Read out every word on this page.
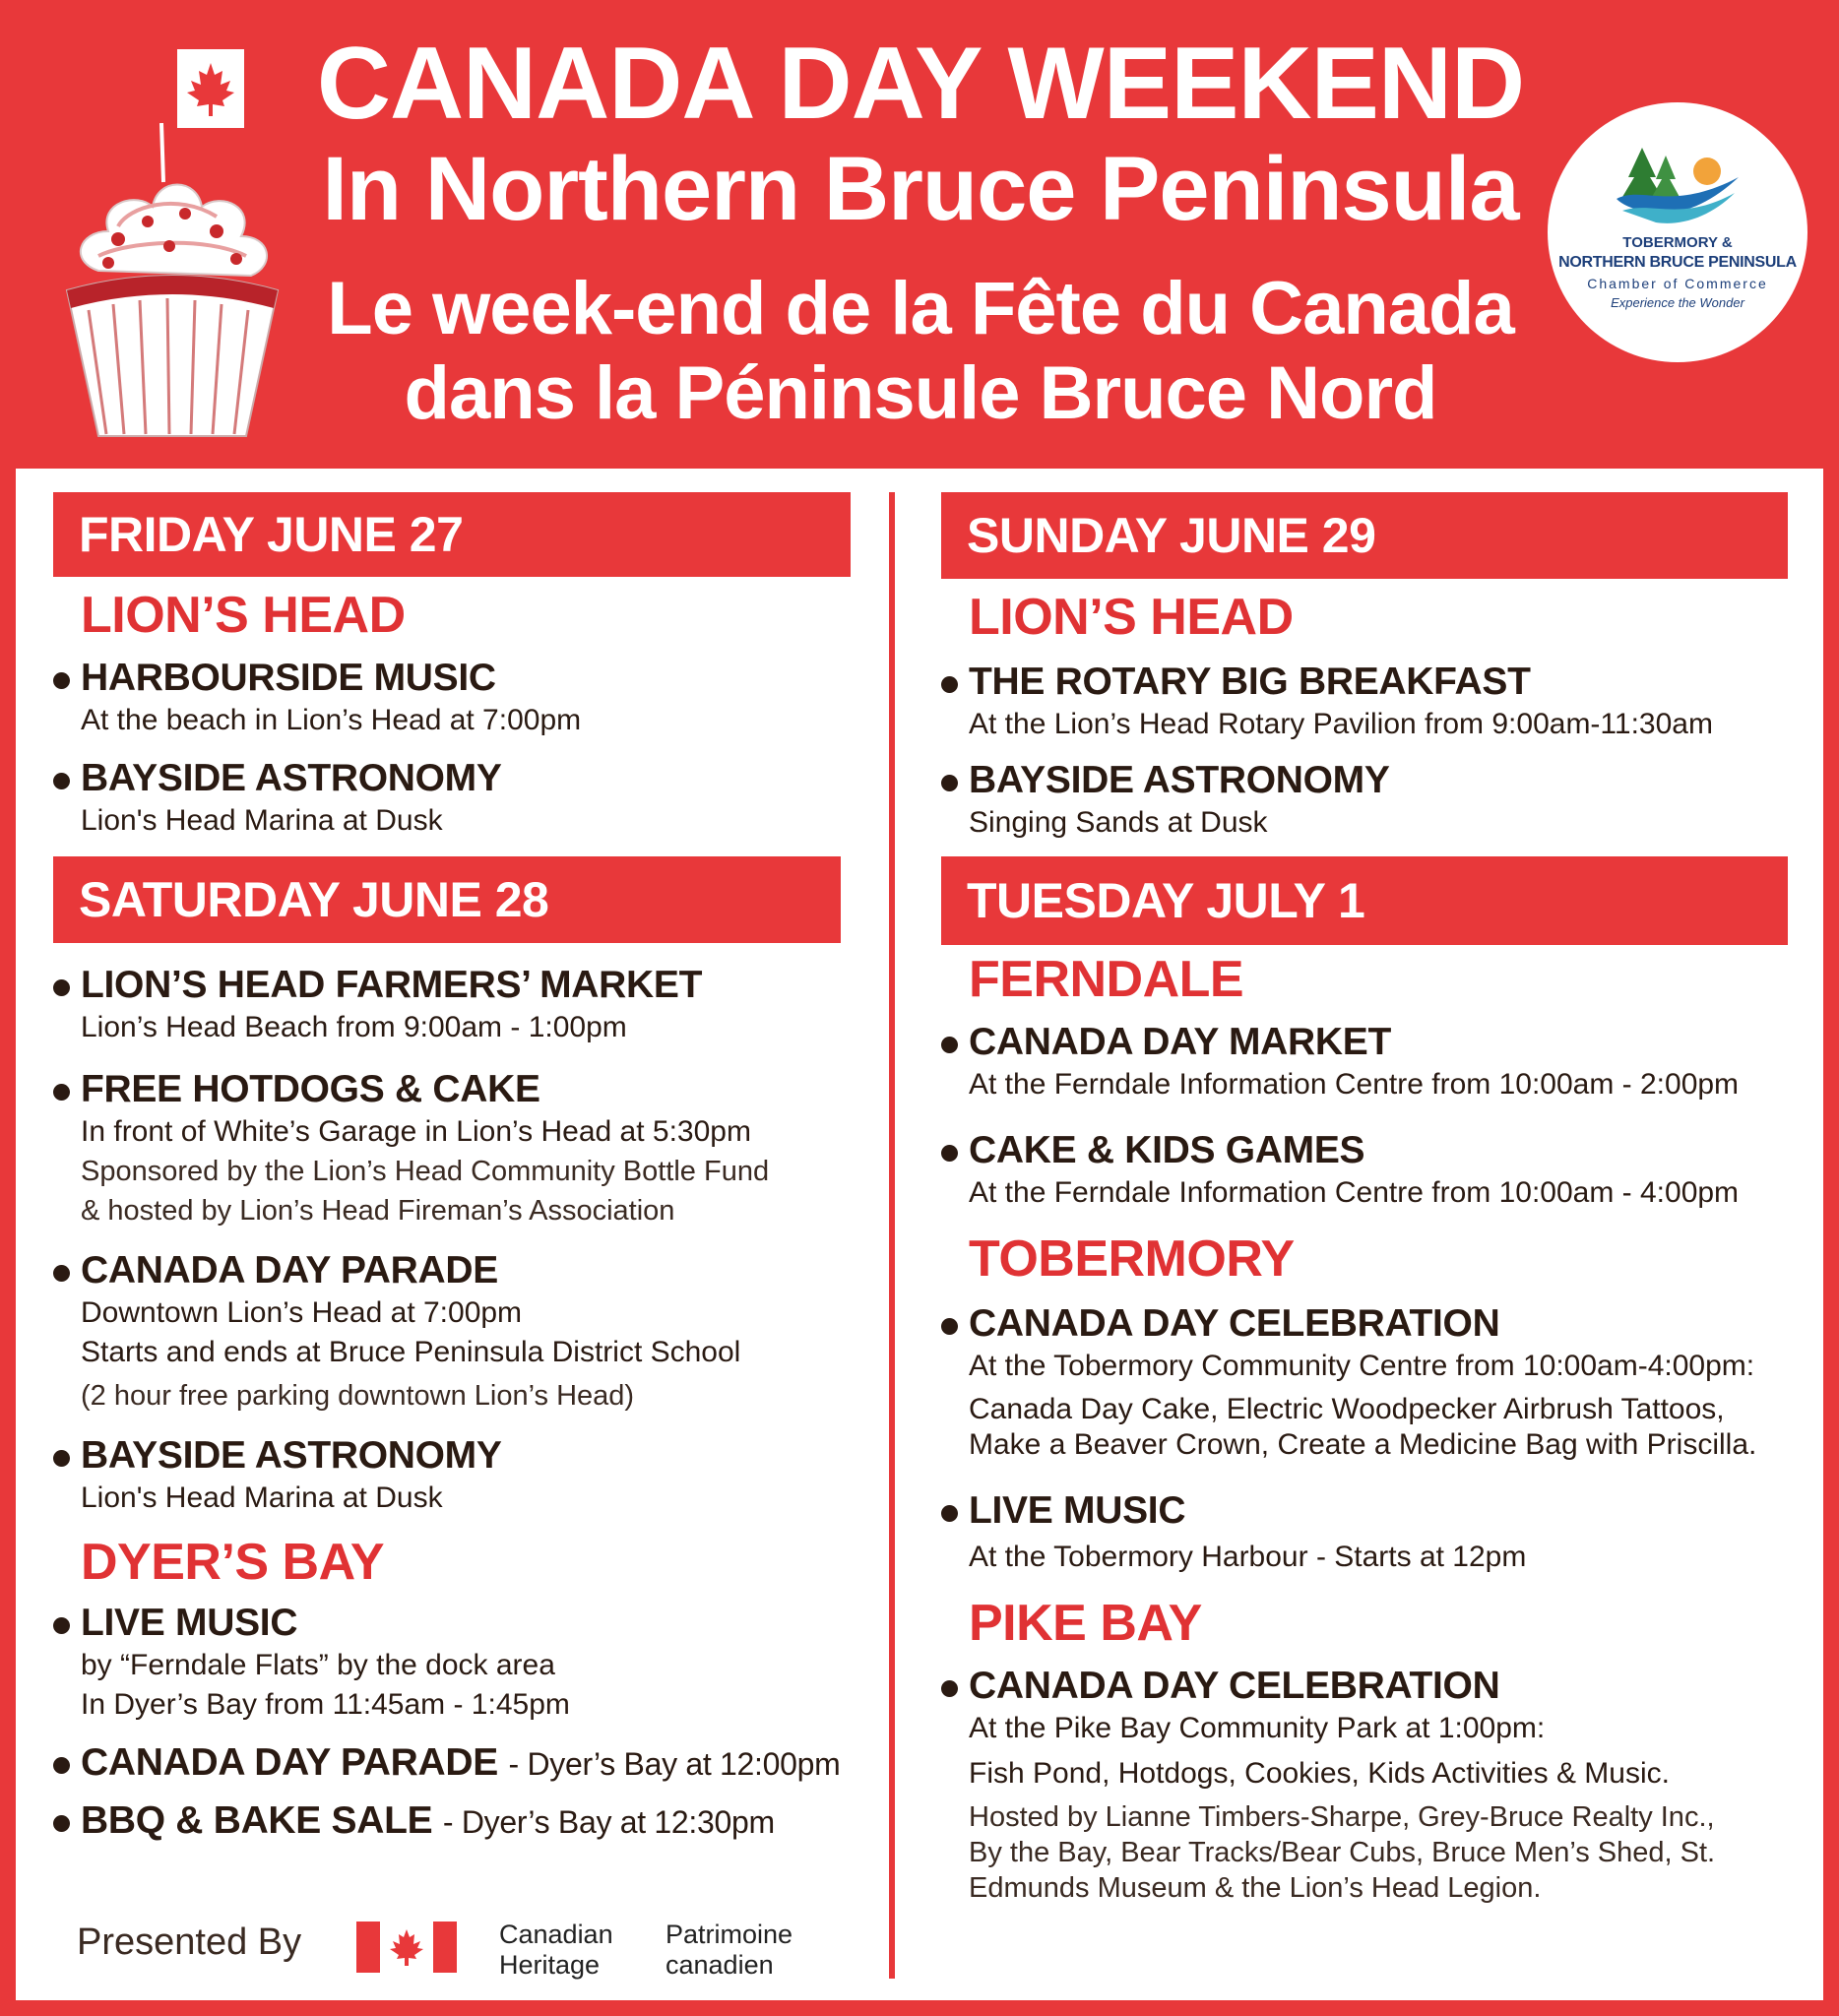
CANADA DAY WEEKEND
In Northern Bruce Peninsula
Le week-end de la Fête du Canada
dans la Péninsule Bruce Nord
TOBERMORY &
NORTHERN BRUCE PENINSULA
Chamber of Commerce
Experience the Wonder
FRIDAY JUNE 27
LION’S HEAD
HARBOURSIDE MUSIC
At the beach in Lion’s Head at 7:00pm
BAYSIDE ASTRONOMY
Lion's Head Marina at Dusk
SATURDAY JUNE 28
LION’S HEAD FARMERS’ MARKET
Lion’s Head Beach from 9:00am - 1:00pm
FREE HOTDOGS & CAKE
In front of White’s Garage in Lion’s Head at 5:30pm
Sponsored by the Lion’s Head Community Bottle Fund
& hosted by Lion’s Head Fireman’s Association
CANADA DAY PARADE
Downtown Lion’s Head at 7:00pm
Starts and ends at Bruce Peninsula District School
(2 hour free parking downtown Lion’s Head)
BAYSIDE ASTRONOMY
Lion's Head Marina at Dusk
DYER’S BAY
LIVE MUSIC
by “Ferndale Flats” by the dock area
In Dyer’s Bay from 11:45am - 1:45pm
CANADA DAY PARADE - Dyer’s Bay at 12:00pm
BBQ & BAKE SALE - Dyer’s Bay at 12:30pm
Presented By	Canadian
Heritage
Patrimoine
canadien
SUNDAY JUNE 29
LION’S HEAD
THE ROTARY BIG BREAKFAST
At the Lion’s Head Rotary Pavilion from 9:00am-11:30am
BAYSIDE ASTRONOMY
Singing Sands at Dusk
TUESDAY JULY 1
FERNDALE
CANADA DAY MARKET
At the Ferndale Information Centre from 10:00am - 2:00pm
CAKE & KIDS GAMES
At the Ferndale Information Centre from 10:00am - 4:00pm
TOBERMORY
CANADA DAY CELEBRATION
At the Tobermory Community Centre from 10:00am-4:00pm:
Canada Day Cake, Electric Woodpecker Airbrush Tattoos,
Make a Beaver Crown, Create a Medicine Bag with Priscilla.
LIVE MUSIC
At the Tobermory Harbour - Starts at 12pm
PIKE BAY
CANADA DAY CELEBRATION
At the Pike Bay Community Park at 1:00pm:
Fish Pond, Hotdogs, Cookies, Kids Activities & Music.
Hosted by Lianne Timbers-Sharpe, Grey-Bruce Realty Inc.,
By the Bay, Bear Tracks/Bear Cubs, Bruce Men’s Shed, St.
Edmunds Museum & the Lion’s Head Legion.
